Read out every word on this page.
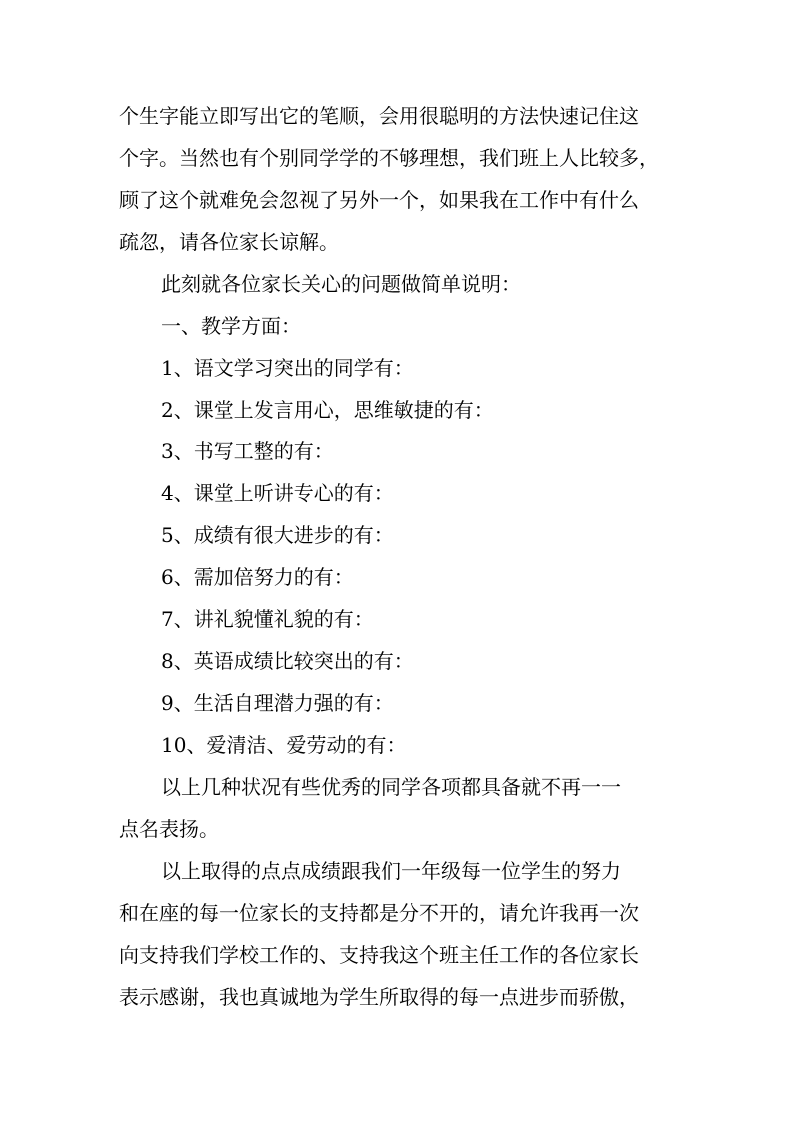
个生字能立即写出它的笔顺，会用很聪明的方法快速记住这
个字。当然也有个别同学学的不够理想，我们班上人比较多，
顾了这个就难免会忽视了另外一个，如果我在工作中有什么
疏忽，请各位家长谅解。
此刻就各位家长关心的问题做简单说明：
一、教学方面：
1、语文学习突出的同学有：
2、课堂上发言用心，思维敏捷的有：
3、书写工整的有：
4、课堂上听讲专心的有：
5、成绩有很大进步的有：
6、需加倍努力的有：
7、讲礼貌懂礼貌的有：
8、英语成绩比较突出的有：
9、生活自理潜力强的有：
10、爱清洁、爱劳动的有：
以上几种状况有些优秀的同学各项都具备就不再一一
点名表扬。
以上取得的点点成绩跟我们一年级每一位学生的努力
和在座的每一位家长的支持都是分不开的，请允许我再一次
向支持我们学校工作的、支持我这个班主任工作的各位家长
表示感谢，我也真诚地为学生所取得的每一点进步而骄傲，
